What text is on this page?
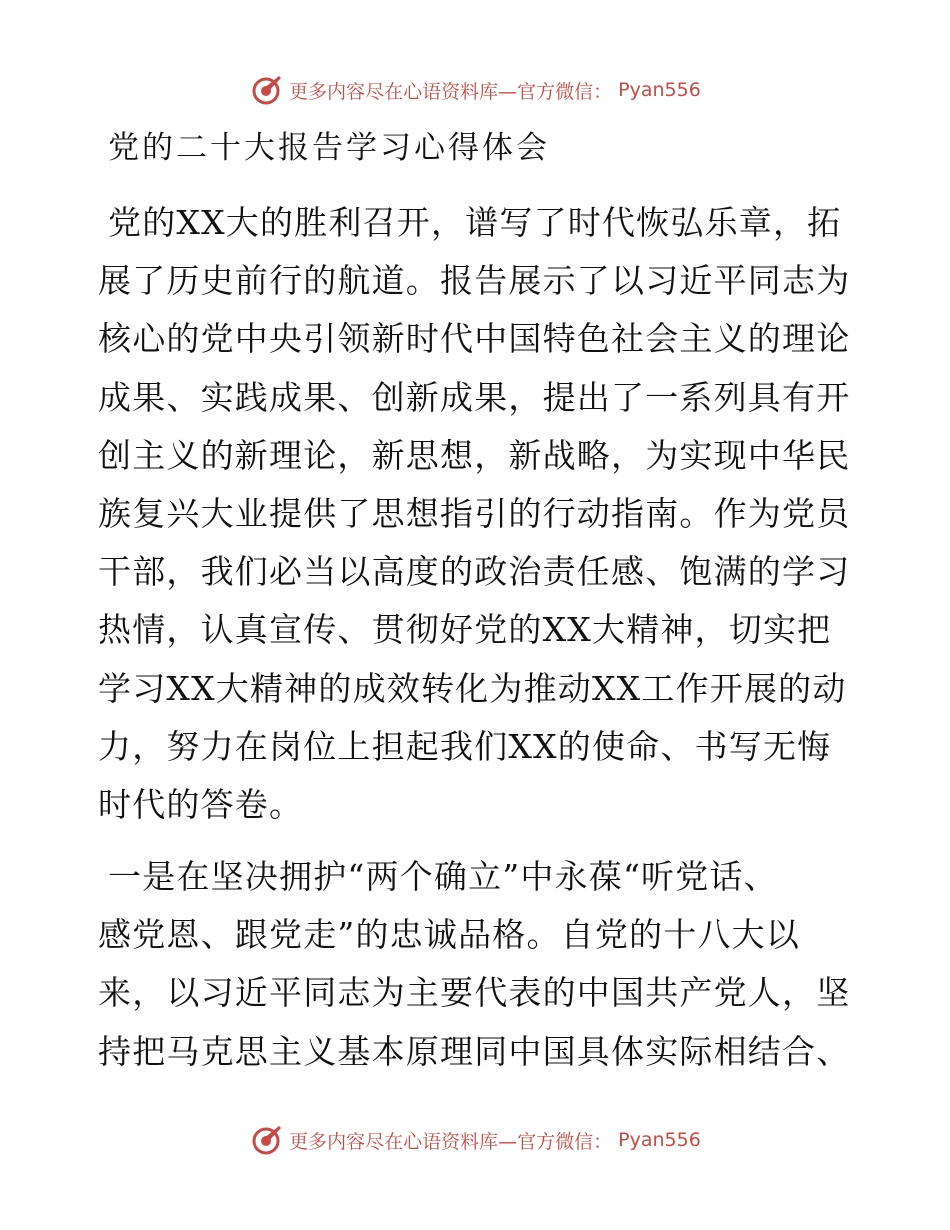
更多内容尽在心语资料库—官方微信： Pyan556
党的二十大报告学习心得体会
党的XX大的胜利召开，谱写了时代恢弘乐章，拓
展了历史前行的航道。报告展示了以习近平同志为
核心的党中央引领新时代中国特色社会主义的理论
成果、实践成果、创新成果，提出了一系列具有开
创主义的新理论，新思想，新战略，为实现中华民
族复兴大业提供了思想指引的行动指南。作为党员
干部，我们必当以高度的政治责任感、饱满的学习
热情，认真宣传、贯彻好党的XX大精神，切实把
学习XX大精神的成效转化为推动XX工作开展的动
力，努力在岗位上担起我们XX的使命、书写无悔
时代的答卷。
一是在坚决拥护“两个确立”中永葆“听党话、
感党恩、跟党走”的忠诚品格。自党的十八大以
来，以习近平同志为主要代表的中国共产党人，坚
持把马克思主义基本原理同中国具体实际相结合、
更多内容尽在心语资料库—官方微信： Pyan556
